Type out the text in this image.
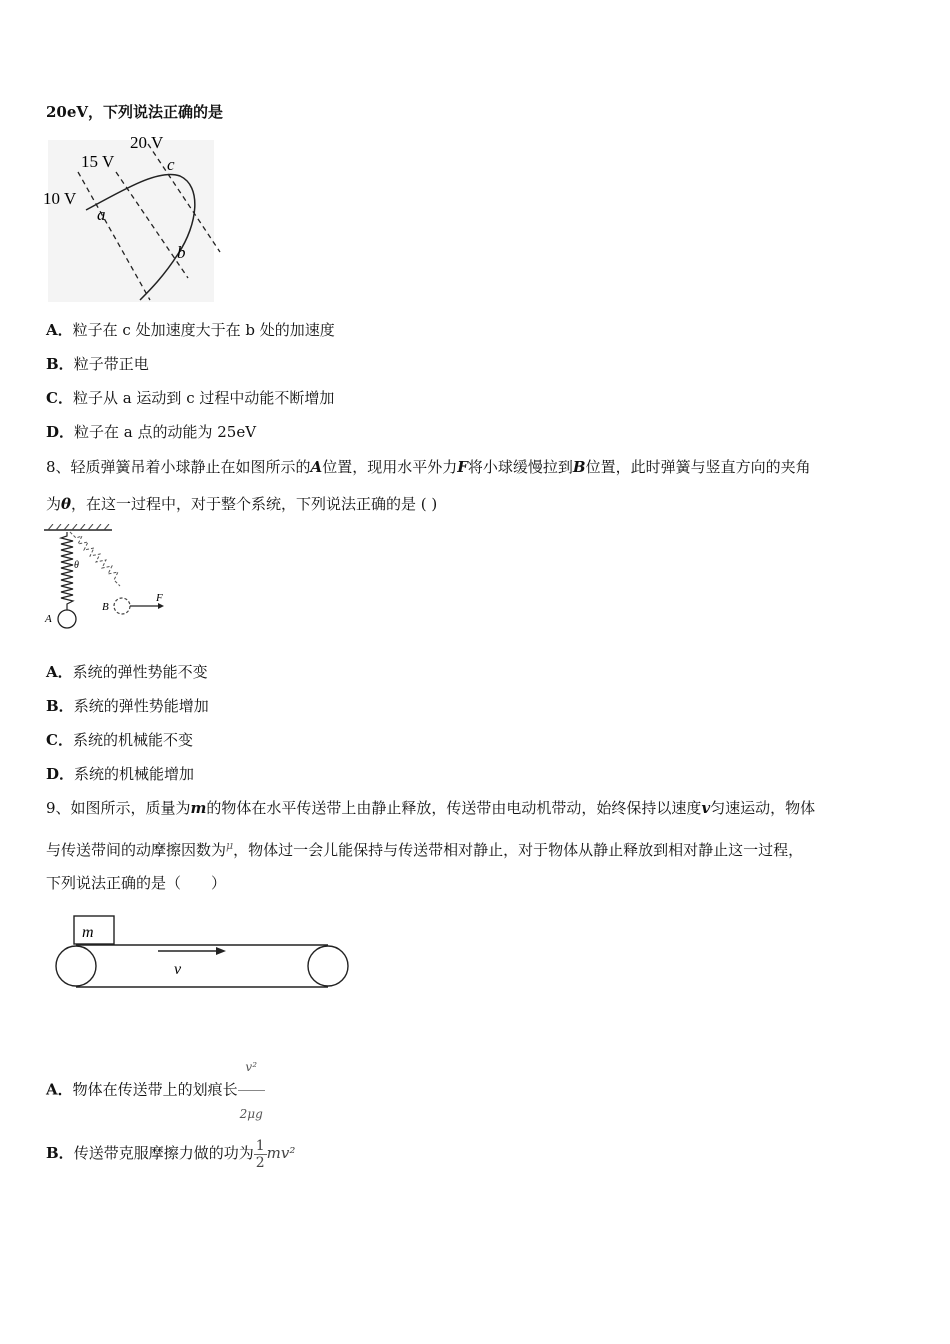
20eV，下列说法正确的是
20 V
15 V
10 V
c
a
b
A．粒子在 c 处加速度大于在 b 处的加速度
B．粒子带正电
C．粒子从 a 运动到 c 过程中动能不断增加
D．粒子在 a 点的动能为 25eV
8、轻质弹簧吊着小球静止在如图所示的A位置，现用水平外力F将小球缓慢拉到B位置，此时弹簧与竖直方向的夹角
为θ，在这一过程中，对于整个系统，下列说法正确的是 ( )
F
B
A
θ
A．系统的弹性势能不变
B．系统的弹性势能增加
C．系统的机械能不变
D．系统的机械能增加
9、如图所示，质量为m的物体在水平传送带上由静止释放，传送带由电动机带动，始终保持以速度v匀速运动，物体
与传送带间的动摩擦因数为$^\mu$，物体过一会儿能保持与传送带相对静止，对于物体从静止释放到相对静止这一过程，
下列说法正确的是（　　）
m
v
A．物体在传送带上的划痕长 $\frac{\text{v²}}{2\mu g}$
B．传送带克服摩擦力做的功为 $\frac{1}{2} mv^2$
